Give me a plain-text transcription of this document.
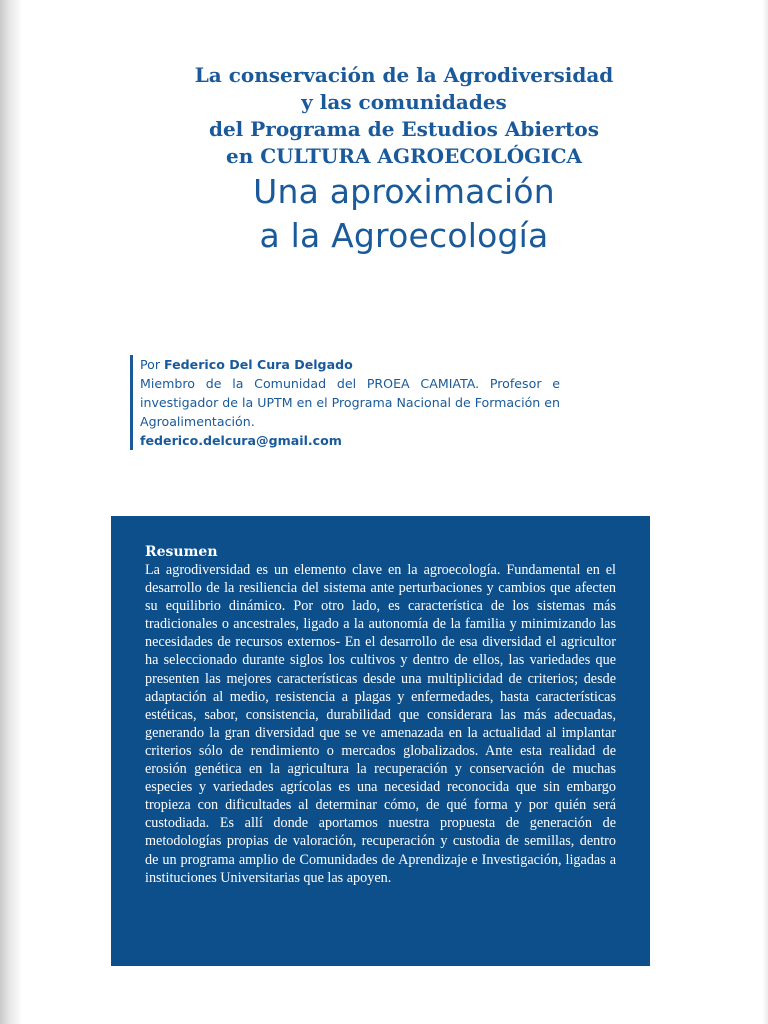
La conservación de la Agrodiversidad

y las comunidades

del Programa de Estudios Abiertos

en CULTURA AGROECOLÓGICA

Una aproximación

a la Agroecología

Por Federico Del Cura Delgado

Miembro de la Comunidad del PROEA CAMIATA. Profesor e investigador de la UPTM en el Programa Nacional de Formación en Agroalimentación.

federico.delcura@gmail.com

Resumen

La agrodiversidad es un elemento clave en la agroecología. Fundamental en el desarrollo de la resiliencia del sistema ante perturbaciones y cambios que afecten su equilibrio dinámico. Por otro lado, es característica de los sistemas más tradicionales o ancestrales, ligado a la autonomía de la familia y minimizando las necesidades de recursos externos- En el desarrollo de esa diversidad el agricultor ha seleccionado durante siglos los cultivos y dentro de ellos, las variedades que presenten las mejores características desde una multiplicidad de criterios; desde adaptación al medio, resistencia a plagas y enfermedades, hasta características estéticas, sabor, consistencia, durabilidad que considerara las más adecuadas, generando la gran diversidad que se ve amenazada en la actualidad al implantar criterios sólo de rendimiento o mercados globalizados. Ante esta realidad de erosión genética en la agricultura la recuperación y conservación de muchas especies y variedades agrícolas es una necesidad reconocida que sin embargo tropieza con dificultades al determinar cómo, de qué forma y por quién será custodiada. Es allí donde aportamos nuestra propuesta de generación de metodologías propias de valoración, recuperación y custodia de semillas, dentro de un programa amplio de Comunidades de Aprendizaje e Investigación, ligadas a instituciones Universitarias que las apoyen.
